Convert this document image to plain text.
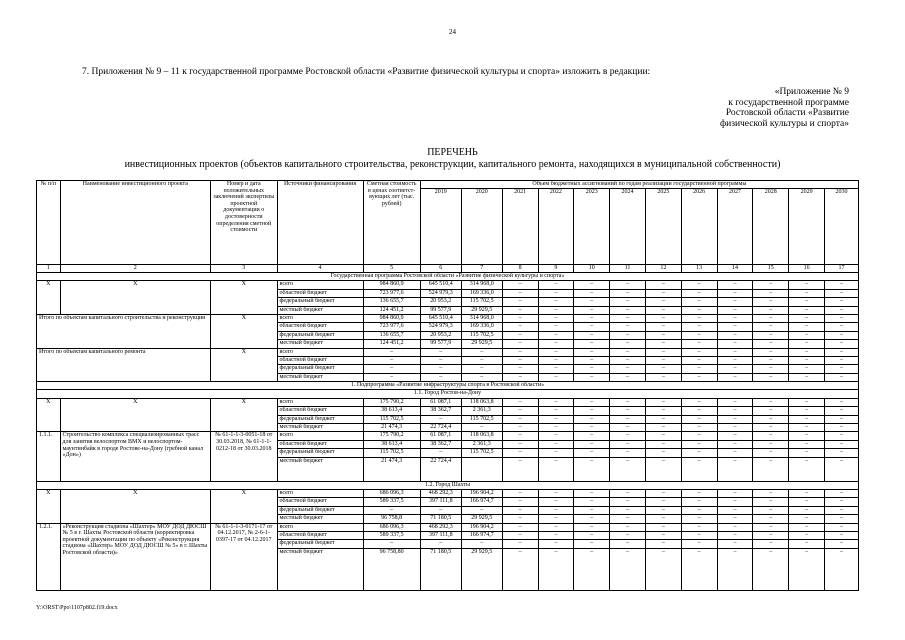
24
7. Приложения № 9 – 11 к государственной программе Ростовской области «Развитие физической культуры и спорта» изложить в редакции:
«Приложение № 9
к государственной программе
Ростовской области «Развитие
физической культуры и спорта»
ПЕРЕЧЕНЬ
инвестиционных проектов (объектов капитального строительства, реконструкции, капитального ремонта, находящихся в муниципальной собственности)
№ п/п	Наименование инвестиционного проекта	Номер и дата положительных заключений экспертизы проектной документации о достоверности определения сметной стоимости	Источники финансирования	Сметная стоимость в ценах соответст-вующих лет (тыс. рублей)	Объем бюджетных ассигнований по годам реализации государственной программы											
					2019	2020	2021	2022	2023	2024	2025	2026	2027	2028	2029	2030
1	2	3	4	5	6	7	8	9	10	11	12	13	14	15	16	17
Государственная программа Ростовской области «Развитие физической культуры и спорта»																
X	X	X	всего	984 860,9	645 510,4	314 968,0	–	–	–	–	–	–	–	–	–	–
			областной бюджет	723 977,6	524 979,3	169 336,0	–	–	–	–	–	–	–	–	–	–
			федеральный бюджет	136 655,7	20 953,2	115 702,5	–	–	–	–	–	–	–	–	–	–
			местный бюджет	124 451,2	99 577,9	29 929,5	–	–	–	–	–	–	–	–	–	–
Итого по объектам капитального строительства и реконструкции		X	всего	984 860,9	645 510,4	314 968,0	–	–	–	–	–	–	–	–	–	–
			областной бюджет	723 977,6	524 979,3	169 336,0	–	–	–	–	–	–	–	–	–	–
			федеральный бюджет	136 655,7	20 953,2	115 702,5	–	–	–	–	–	–	–	–	–	–
			местный бюджет	124 451,2	99 577,9	29 929,5	–	–	–	–	–	–	–	–	–	–
Итого по объектам капитального ремонта		X	всего	–	–	–	–	–	–	–	–	–	–	–	–	–
			областной бюджет	–	–	–	–	–	–	–	–	–	–	–	–	–
			федеральный бюджет	–	–	–	–	–	–	–	–	–	–	–	–	–
			местный бюджет	–	–	–	–	–	–	–	–	–	–	–	–	–
1. Подпрограмма «Развитие инфраструктуры спорта в Ростовской области»																
1.1. Город Ростов-на-Дону																
X	X	X	всего	175 790,2	61 087,1	118 063,8	–	–	–	–	–	–	–	–	–	–
			областной бюджет	38 613,4	38 362,7	2 361,3	–	–	–	–	–	–	–	–	–	–
			федеральный бюджет	115 702,5	–	115 702,5	–	–	–	–	–	–	–	–	–	–
			местный бюджет	21 474,3	22 724,4	–	–	–	–	–	–	–	–	–	–	–
1.1.1.	Строительство комплекса специализированных трасс для занятия велоспортом BMX и велоспортом-маунтинбайк в городе Ростове-на-Дону (гребной канал «Дон»)	№ 61-1-1-3-0051-18 от 30.03.2018, № 61-1-1-0212-18 от 30.03.2018	всего	175 790,2	61 087,1	118 063,8	–	–	–	–	–	–	–	–	–	–
			областной бюджет	38 613,4	38 362,7	2 361,3	–	–	–	–	–	–	–	–	–	–
			федеральный бюджет	115 702,5	–	115 702,5	–	–	–	–	–	–	–	–	–	–
			местный бюджет	21 474,3	22 724,4		–	–	–	–	–	–	–	–	–	–
1.2. Город Шахты																
X	X	X	всего	686 096,3	468 292,3	196 904,2	–	–	–	–	–	–	–	–	–	–
			областной бюджет	589 337,5	397 111,8	166 974,7	–	–	–	–	–	–	–	–	–	–
			федеральный бюджет	–	–	–	–	–	–	–	–	–	–	–	–	–
			местный бюджет	96 758,8	71 180,5	29 929,5	–	–	–	–	–	–	–	–	–	–
1.2.1.	«Реконструкция стадиона «Шахтер» МОУ ДОД ДЮСШ № 5 в г. Шахты Ростовской области (корректировка проектной документации по объекту «Реконструкция стадиона «Шахтер» МОУ ДОД ДЮСШ № 5» в г. Шахты Ростовской области)»	№ 61-1-1-3-0171-17 от 04.12.2017, № 2-6-1-0397-17 от 04.12.2017	всего	686 096,3	468 292,3	196 904,2	–	–	–	–	–	–	–	–	–	–
			областной бюджет	589 337,5	397 111,8	166 974,7	–	–	–	–	–	–	–	–	–	–
			федеральный бюджет	–	–	–	–	–	–	–	–	–	–	–	–	–
			местный бюджет	96 758,80	71 180,5	29 929,5	–	–	–	–	–	–	–	–	–	–
Y:\ORST\Ppo\1107p802.f19.docx
